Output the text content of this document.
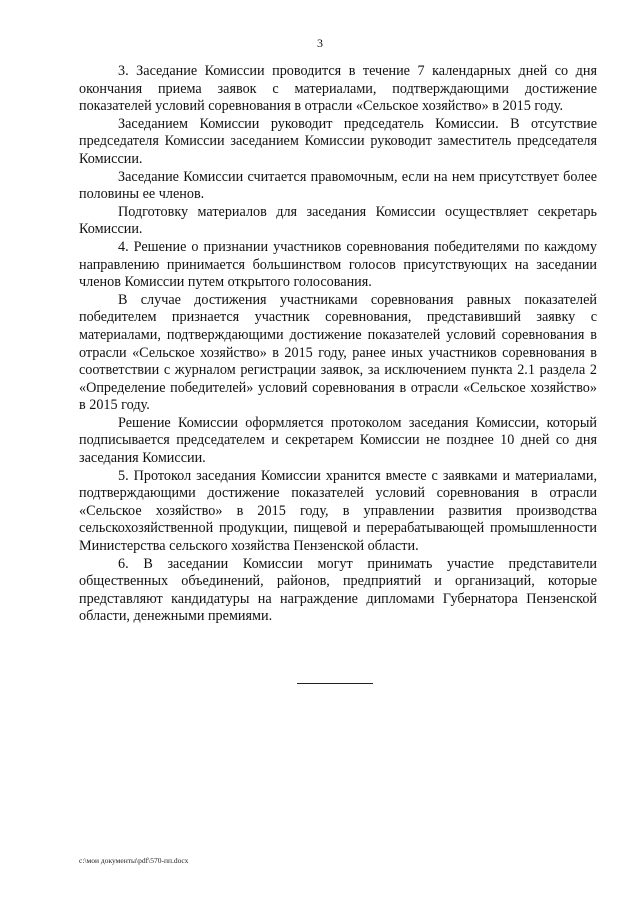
3

3. Заседание Комиссии проводится в течение 7 календарных дней со дня окончания приема заявок с материалами, подтверждающими достижение показателей условий соревнования в отрасли «Сельское хозяйство» в 2015 году.

Заседанием Комиссии руководит председатель Комиссии. В отсутствие председателя Комиссии заседанием Комиссии руководит заместитель председателя Комиссии.

Заседание Комиссии считается правомочным, если на нем присутствует более половины ее членов.

Подготовку материалов для заседания Комиссии осуществляет секретарь Комиссии.

4. Решение о признании участников соревнования победителями по каждому направлению принимается большинством голосов присутствующих на заседании членов Комиссии путем открытого голосования.

В случае достижения участниками соревнования равных показателей победителем признается участник соревнования, представивший заявку с материалами, подтверждающими достижение показателей условий соревнования в отрасли «Сельское хозяйство» в 2015 году, ранее иных участников соревнования в соответствии с журналом регистрации заявок, за исключением пункта 2.1 раздела 2 «Определение победителей» условий соревнования в отрасли «Сельское хозяйство» в 2015 году.

Решение Комиссии оформляется протоколом заседания Комиссии, который подписывается председателем и секретарем Комиссии не позднее 10 дней со дня заседания Комиссии.

5. Протокол заседания Комиссии хранится вместе с заявками и материалами, подтверждающими достижение показателей условий соревнования в отрасли «Сельское хозяйство» в 2015 году, в управлении развития производства сельскохозяйственной продукции, пищевой и перерабатывающей промышленности Министерства сельского хозяйства Пензенской области.

6. В заседании Комиссии могут принимать участие представители общественных объединений, районов, предприятий и организаций, которые представляют кандидатуры на награждение дипломами Губернатора Пензенской области, денежными премиями.

c:\мои документы\pdf\570-пп.docx
